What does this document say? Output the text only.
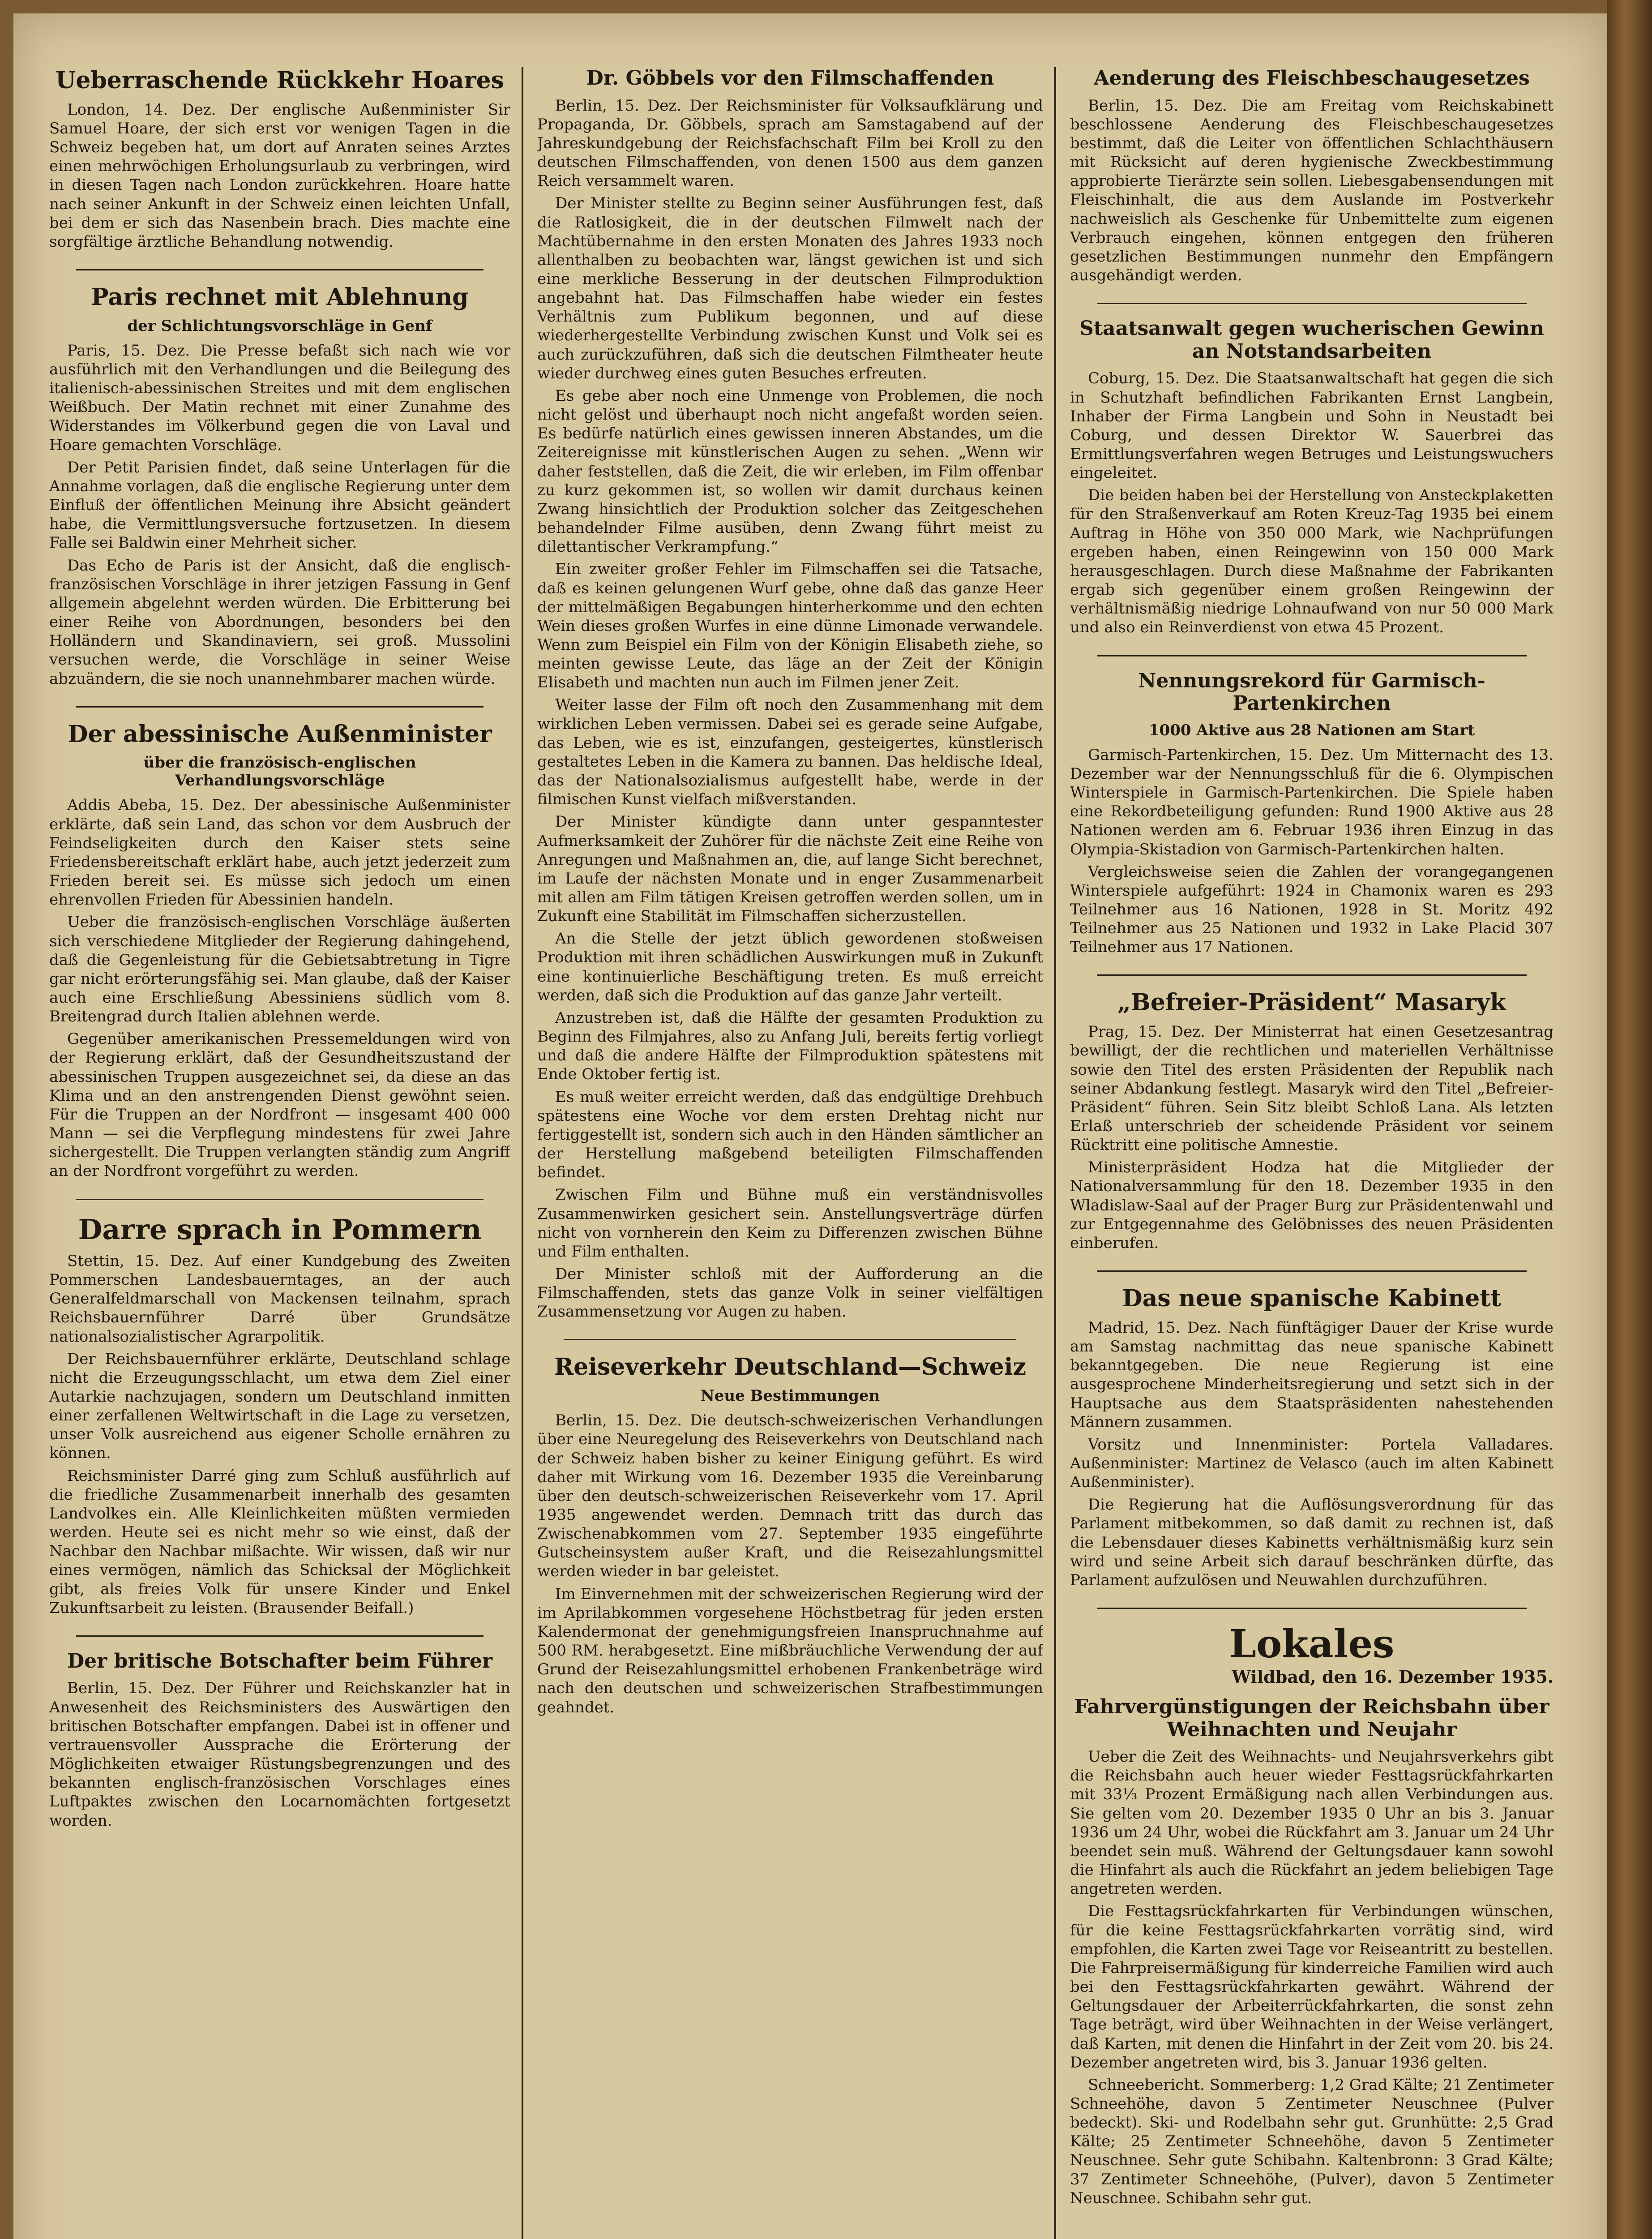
Ueberraschende Rückkehr Hoares

London, 14. Dez. Der englische Außenminister Sir Samuel Hoare, der sich erst vor wenigen Tagen in die Schweiz begeben hat, um dort auf Anraten seines Arztes einen mehrwöchigen Erholungsurlaub zu verbringen, wird in diesen Tagen nach London zurückkehren. Hoare hatte nach seiner Ankunft in der Schweiz einen leichten Unfall, bei dem er sich das Nasenbein brach. Dies machte eine sorgfältige ärztliche Behandlung notwendig.

Paris rechnet mit Ablehnung
der Schlichtungsvorschläge in Genf

Paris, 15. Dez. Die Presse befaßt sich nach wie vor ausführlich mit den Verhandlungen und die Beilegung des italienisch-abessinischen Streites und mit dem englischen Weißbuch. Der Matin rechnet mit einer Zunahme des Widerstandes im Völkerbund gegen die von Laval und Hoare gemachten Vorschläge.

Der Petit Parisien findet, daß seine Unterlagen für die Annahme vorlagen, daß die englische Regierung unter dem Einfluß der öffentlichen Meinung ihre Absicht geändert habe, die Vermittlungsversuche fortzusetzen. In diesem Falle sei Baldwin einer Mehrheit sicher.

Das Echo de Paris ist der Ansicht, daß die englisch-französischen Vorschläge in ihrer jetzigen Fassung in Genf allgemein abgelehnt werden würden. Die Erbitterung bei einer Reihe von Abordnungen, besonders bei den Holländern und Skandinaviern, sei groß. Mussolini versuchen werde, die Vorschläge in seiner Weise abzuändern, die sie noch unannehmbarer machen würde.

Der abessinische Außenminister
über die französisch-englischen Verhandlungsvorschläge

Addis Abeba, 15. Dez. Der abessinische Außenminister erklärte, daß sein Land, das schon vor dem Ausbruch der Feindseligkeiten durch den Kaiser stets seine Friedensbereitschaft erklärt habe, auch jetzt jederzeit zum Frieden bereit sei. Es müsse sich jedoch um einen ehrenvollen Frieden für Abessinien handeln.

Ueber die französisch-englischen Vorschläge äußerten sich verschiedene Mitglieder der Regierung dahingehend, daß die Gegenleistung für die Gebietsabtretung in Tigre gar nicht erörterungsfähig sei. Man glaube, daß der Kaiser auch eine Erschließung Abessiniens südlich vom 8. Breitengrad durch Italien ablehnen werde.

Gegenüber amerikanischen Pressemeldungen wird von der Regierung erklärt, daß der Gesundheitszustand der abessinischen Truppen ausgezeichnet sei, da diese an das Klima und an den anstrengenden Dienst gewöhnt seien. Für die Truppen an der Nordfront — insgesamt 400 000 Mann — sei die Verpflegung mindestens für zwei Jahre sichergestellt. Die Truppen verlangten ständig zum Angriff an der Nordfront vorgeführt zu werden.

Darre sprach in Pommern

Stettin, 15. Dez. Auf einer Kundgebung des Zweiten Pommerschen Landesbauerntages, an der auch Generalfeldmarschall von Mackensen teilnahm, sprach Reichsbauernführer Darré über Grundsätze nationalsozialistischer Agrarpolitik.

Der Reichsbauernführer erklärte, Deutschland schlage nicht die Erzeugungsschlacht, um etwa dem Ziel einer Autarkie nachzujagen, sondern um Deutschland inmitten einer zerfallenen Weltwirtschaft in die Lage zu versetzen, unser Volk ausreichend aus eigener Scholle ernähren zu können.

Reichsminister Darré ging zum Schluß ausführlich auf die friedliche Zusammenarbeit innerhalb des gesamten Landvolkes ein. Alle Kleinlichkeiten müßten vermieden werden. Heute sei es nicht mehr so wie einst, daß der Nachbar den Nachbar mißachte. Wir wissen, daß wir nur eines vermögen, nämlich das Schicksal der Möglichkeit gibt, als freies Volk für unsere Kinder und Enkel Zukunftsarbeit zu leisten. (Brausender Beifall.)

Der britische Botschafter beim Führer

Berlin, 15. Dez. Der Führer und Reichskanzler hat in Anwesenheit des Reichsministers des Auswärtigen den britischen Botschafter empfangen. Dabei ist in offener und vertrauensvoller Aussprache die Erörterung der Möglichkeiten etwaiger Rüstungsbegrenzungen und des bekannten englisch-französischen Vorschlages eines Luftpaktes zwischen den Locarnomächten fortgesetzt worden.

Dr. Göbbels vor den Filmschaffenden

Berlin, 15. Dez. Der Reichsminister für Volksaufklärung und Propaganda, Dr. Göbbels, sprach am Samstagabend auf der Jahreskundgebung der Reichsfachschaft Film bei Kroll zu den deutschen Filmschaffenden, von denen 1500 aus dem ganzen Reich versammelt waren.

Der Minister stellte zu Beginn seiner Ausführungen fest, daß die Ratlosigkeit, die in der deutschen Filmwelt nach der Machtübernahme in den ersten Monaten des Jahres 1933 noch allenthalben zu beobachten war, längst gewichen ist und sich eine merkliche Besserung in der deutschen Filmproduktion angebahnt hat. Das Filmschaffen habe wieder ein festes Verhältnis zum Publikum begonnen, und auf diese wiederhergestellte Verbindung zwischen Kunst und Volk sei es auch zurückzuführen, daß sich die deutschen Filmtheater heute wieder durchweg eines guten Besuches erfreuten.

Es gebe aber noch eine Unmenge von Problemen, die noch nicht gelöst und überhaupt noch nicht angefaßt worden seien. Es bedürfe natürlich eines gewissen inneren Abstandes, um die Zeitereignisse mit künstlerischen Augen zu sehen. „Wenn wir daher feststellen, daß die Zeit, die wir erleben, im Film offenbar zu kurz gekommen ist, so wollen wir damit durchaus keinen Zwang hinsichtlich der Produktion solcher das Zeitgeschehen behandelnder Filme ausüben, denn Zwang führt meist zu dilettantischer Verkrampfung.“

Ein zweiter großer Fehler im Filmschaffen sei die Tatsache, daß es keinen gelungenen Wurf gebe, ohne daß das ganze Heer der mittelmäßigen Begabungen hinterherkomme und den echten Wein dieses großen Wurfes in eine dünne Limonade verwandele. Wenn zum Beispiel ein Film von der Königin Elisabeth ziehe, so meinten gewisse Leute, das läge an der Zeit der Königin Elisabeth und machten nun auch im Filmen jener Zeit.

Weiter lasse der Film oft noch den Zusammenhang mit dem wirklichen Leben vermissen. Dabei sei es gerade seine Aufgabe, das Leben, wie es ist, einzufangen, gesteigertes, künstlerisch gestaltetes Leben in die Kamera zu bannen. Das heldische Ideal, das der Nationalsozialismus aufgestellt habe, werde in der filmischen Kunst vielfach mißverstanden.

Der Minister kündigte dann unter gespanntester Aufmerksamkeit der Zuhörer für die nächste Zeit eine Reihe von Anregungen und Maßnahmen an, die, auf lange Sicht berechnet, im Laufe der nächsten Monate und in enger Zusammenarbeit mit allen am Film tätigen Kreisen getroffen werden sollen, um in Zukunft eine Stabilität im Filmschaffen sicherzustellen.

An die Stelle der jetzt üblich gewordenen stoßweisen Produktion mit ihren schädlichen Auswirkungen muß in Zukunft eine kontinuierliche Beschäftigung treten. Es muß erreicht werden, daß sich die Produktion auf das ganze Jahr verteilt.

Anzustreben ist, daß die Hälfte der gesamten Produktion zu Beginn des Filmjahres, also zu Anfang Juli, bereits fertig vorliegt und daß die andere Hälfte der Filmproduktion spätestens mit Ende Oktober fertig ist.

Es muß weiter erreicht werden, daß das endgültige Drehbuch spätestens eine Woche vor dem ersten Drehtag nicht nur fertiggestellt ist, sondern sich auch in den Händen sämtlicher an der Herstellung maßgebend beteiligten Filmschaffenden befindet.

Zwischen Film und Bühne muß ein verständnisvolles Zusammenwirken gesichert sein. Anstellungsverträge dürfen nicht von vornherein den Keim zu Differenzen zwischen Bühne und Film enthalten.

Der Minister schloß mit der Aufforderung an die Filmschaffenden, stets das ganze Volk in seiner vielfältigen Zusammensetzung vor Augen zu haben.

Reiseverkehr Deutschland—Schweiz
Neue Bestimmungen

Berlin, 15. Dez. Die deutsch-schweizerischen Verhandlungen über eine Neuregelung des Reiseverkehrs von Deutschland nach der Schweiz haben bisher zu keiner Einigung geführt. Es wird daher mit Wirkung vom 16. Dezember 1935 die Vereinbarung über den deutsch-schweizerischen Reiseverkehr vom 17. April 1935 angewendet werden. Demnach tritt das durch das Zwischenabkommen vom 27. September 1935 eingeführte Gutscheinsystem außer Kraft, und die Reisezahlungsmittel werden wieder in bar geleistet.

Im Einvernehmen mit der schweizerischen Regierung wird der im Aprilabkommen vorgesehene Höchstbetrag für jeden ersten Kalendermonat der genehmigungsfreien Inanspruchnahme auf 500 RM. herabgesetzt. Eine mißbräuchliche Verwendung der auf Grund der Reisezahlungsmittel erhobenen Frankenbeträge wird nach den deutschen und schweizerischen Strafbestimmungen geahndet.

Aenderung des Fleischbeschaugesetzes

Berlin, 15. Dez. Die am Freitag vom Reichskabinett beschlossene Aenderung des Fleischbeschaugesetzes bestimmt, daß die Leiter von öffentlichen Schlachthäusern mit Rücksicht auf deren hygienische Zweckbestimmung approbierte Tierärzte sein sollen. Liebesgabensendungen mit Fleischinhalt, die aus dem Auslande im Postverkehr nachweislich als Geschenke für Unbemittelte zum eigenen Verbrauch eingehen, können entgegen den früheren gesetzlichen Bestimmungen nunmehr den Empfängern ausgehändigt werden.

Staatsanwalt gegen wucherischen Gewinn an Notstandsarbeiten

Coburg, 15. Dez. Die Staatsanwaltschaft hat gegen die sich in Schutzhaft befindlichen Fabrikanten Ernst Langbein, Inhaber der Firma Langbein und Sohn in Neustadt bei Coburg, und dessen Direktor W. Sauerbrei das Ermittlungsverfahren wegen Betruges und Leistungswuchers eingeleitet.

Die beiden haben bei der Herstellung von Ansteckplaketten für den Straßenverkauf am Roten Kreuz-Tag 1935 bei einem Auftrag in Höhe von 350 000 Mark, wie Nachprüfungen ergeben haben, einen Reingewinn von 150 000 Mark herausgeschlagen. Durch diese Maßnahme der Fabrikanten ergab sich gegenüber einem großen Reingewinn der verhältnismäßig niedrige Lohnaufwand von nur 50 000 Mark und also ein Reinverdienst von etwa 45 Prozent.

Nennungsrekord für Garmisch-Partenkirchen
1000 Aktive aus 28 Nationen am Start

Garmisch-Partenkirchen, 15. Dez. Um Mitternacht des 13. Dezember war der Nennungsschluß für die 6. Olympischen Winterspiele in Garmisch-Partenkirchen. Die Spiele haben eine Rekordbeteiligung gefunden: Rund 1900 Aktive aus 28 Nationen werden am 6. Februar 1936 ihren Einzug in das Olympia-Skistadion von Garmisch-Partenkirchen halten.

Vergleichsweise seien die Zahlen der vorangegangenen Winterspiele aufgeführt: 1924 in Chamonix waren es 293 Teilnehmer aus 16 Nationen, 1928 in St. Moritz 492 Teilnehmer aus 25 Nationen und 1932 in Lake Placid 307 Teilnehmer aus 17 Nationen.

„Befreier-Präsident“ Masaryk

Prag, 15. Dez. Der Ministerrat hat einen Gesetzesantrag bewilligt, der die rechtlichen und materiellen Verhältnisse sowie den Titel des ersten Präsidenten der Republik nach seiner Abdankung festlegt. Masaryk wird den Titel „Befreier-Präsident“ führen. Sein Sitz bleibt Schloß Lana. Als letzten Erlaß unterschrieb der scheidende Präsident vor seinem Rücktritt eine politische Amnestie.

Ministerpräsident Hodza hat die Mitglieder der Nationalversammlung für den 18. Dezember 1935 in den Wladislaw-Saal auf der Prager Burg zur Präsidentenwahl und zur Entgegennahme des Gelöbnisses des neuen Präsidenten einberufen.

Das neue spanische Kabinett

Madrid, 15. Dez. Nach fünftägiger Dauer der Krise wurde am Samstag nachmittag das neue spanische Kabinett bekanntgegeben. Die neue Regierung ist eine ausgesprochene Minderheitsregierung und setzt sich in der Hauptsache aus dem Staatspräsidenten nahestehenden Männern zusammen.

Vorsitz und Innenminister: Portela Valladares. Außenminister: Martinez de Velasco (auch im alten Kabinett Außenminister).

Die Regierung hat die Auflösungsverordnung für das Parlament mitbekommen, so daß damit zu rechnen ist, daß die Lebensdauer dieses Kabinetts verhältnismäßig kurz sein wird und seine Arbeit sich darauf beschränken dürfte, das Parlament aufzulösen und Neuwahlen durchzuführen.

Lokales
Wildbad, den 16. Dezember 1935.
Fahrvergünstigungen der Reichsbahn über Weihnachten und Neujahr

Ueber die Zeit des Weihnachts- und Neujahrsverkehrs gibt die Reichsbahn auch heuer wieder Festtagsrückfahrkarten mit 33⅓ Prozent Ermäßigung nach allen Verbindungen aus. Sie gelten vom 20. Dezember 1935 0 Uhr an bis 3. Januar 1936 um 24 Uhr, wobei die Rückfahrt am 3. Januar um 24 Uhr beendet sein muß. Während der Geltungsdauer kann sowohl die Hinfahrt als auch die Rückfahrt an jedem beliebigen Tage angetreten werden.

Die Festtagsrückfahrkarten für Verbindungen wünschen, für die keine Festtagsrückfahrkarten vorrätig sind, wird empfohlen, die Karten zwei Tage vor Reiseantritt zu bestellen. Die Fahrpreisermäßigung für kinderreiche Familien wird auch bei den Festtagsrückfahrkarten gewährt. Während der Geltungsdauer der Arbeiterrückfahrkarten, die sonst zehn Tage beträgt, wird über Weihnachten in der Weise verlängert, daß Karten, mit denen die Hinfahrt in der Zeit vom 20. bis 24. Dezember angetreten wird, bis 3. Januar 1936 gelten.

Schneebericht. Sommerberg: 1,2 Grad Kälte; 21 Zentimeter Schneehöhe, davon 5 Zentimeter Neuschnee (Pulver bedeckt). Ski- und Rodelbahn sehr gut. Grunhütte: 2,5 Grad Kälte; 25 Zentimeter Schneehöhe, davon 5 Zentimeter Neuschnee. Sehr gute Schibahn. Kaltenbronn: 3 Grad Kälte; 37 Zentimeter Schneehöhe, (Pulver), davon 5 Zentimeter Neuschnee. Schibahn sehr gut.
